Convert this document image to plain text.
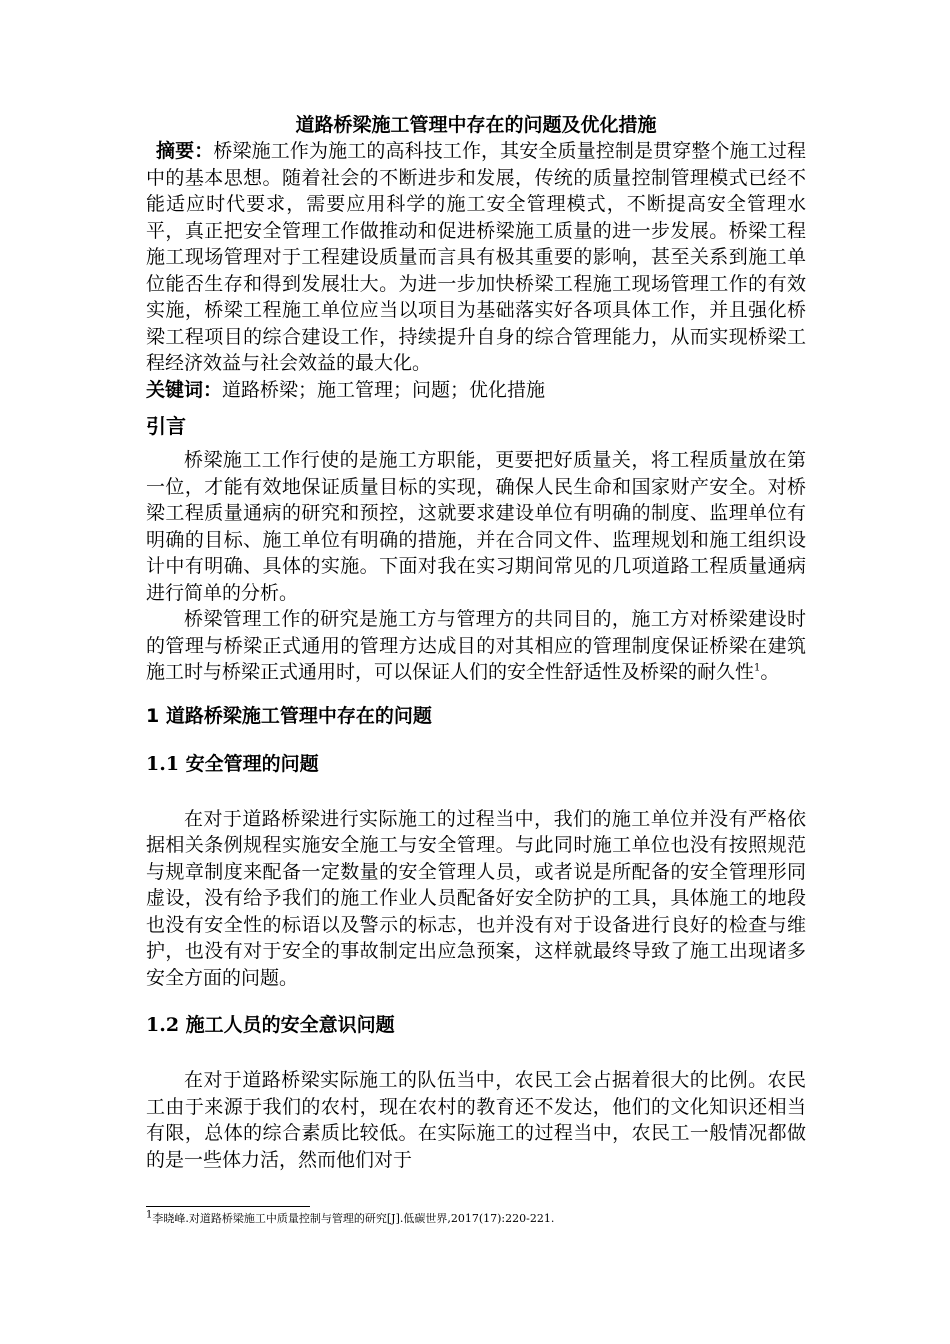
道路桥梁施工管理中存在的问题及优化措施

摘要：桥梁施工作为施工的高科技工作，其安全质量控制是贯穿整个施工过程中的基本思想。随着社会的不断进步和发展，传统的质量控制管理模式已经不能适应时代要求，需要应用科学的施工安全管理模式，不断提高安全管理水平，真正把安全管理工作做推动和促进桥梁施工质量的进一步发展。桥梁工程施工现场管理对于工程建设质量而言具有极其重要的影响，甚至关系到施工单位能否生存和得到发展壮大。为进一步加快桥梁工程施工现场管理工作的有效实施，桥梁工程施工单位应当以项目为基础落实好各项具体工作，并且强化桥梁工程项目的综合建设工作，持续提升自身的综合管理能力，从而实现桥梁工程经济效益与社会效益的最大化。

关键词：道路桥梁；施工管理；问题；优化措施

引言

桥梁施工工作行使的是施工方职能，更要把好质量关，将工程质量放在第一位，才能有效地保证质量目标的实现，确保人民生命和国家财产安全。对桥梁工程质量通病的研究和预控，这就要求建设单位有明确的制度、监理单位有明确的目标、施工单位有明确的措施，并在合同文件、监理规划和施工组织设计中有明确、具体的实施。下面对我在实习期间常见的几项道路工程质量通病进行简单的分析。

桥梁管理工作的研究是施工方与管理方的共同目的，施工方对桥梁建设时的管理与桥梁正式通用的管理方达成目的对其相应的管理制度保证桥梁在建筑施工时与桥梁正式通用时，可以保证人们的安全性舒适性及桥梁的耐久性$^1$。

1 道路桥梁施工管理中存在的问题
1.1 安全管理的问题

在对于道路桥梁进行实际施工的过程当中，我们的施工单位并没有严格依据相关条例规程实施安全施工与安全管理。与此同时施工单位也没有按照规范与规章制度来配备一定数量的安全管理人员，或者说是所配备的安全管理形同虚设，没有给予我们的施工作业人员配备好安全防护的工具，具体施工的地段也没有安全性的标语以及警示的标志，也并没有对于设备进行良好的检查与维护，也没有对于安全的事故制定出应急预案，这样就最终导致了施工出现诸多安全方面的问题。

1.2 施工人员的安全意识问题

在对于道路桥梁实际施工的队伍当中，农民工会占据着很大的比例。农民工由于来源于我们的农村，现在农村的教育还不发达，他们的文化知识还相当有限，总体的综合素质比较低。在实际施工的过程当中，农民工一般情况都做的是一些体力活，然而他们对于

$^1$李晓峰.对道路桥梁施工中质量控制与管理的研究[J].低碳世界,2017(17):220-221.
